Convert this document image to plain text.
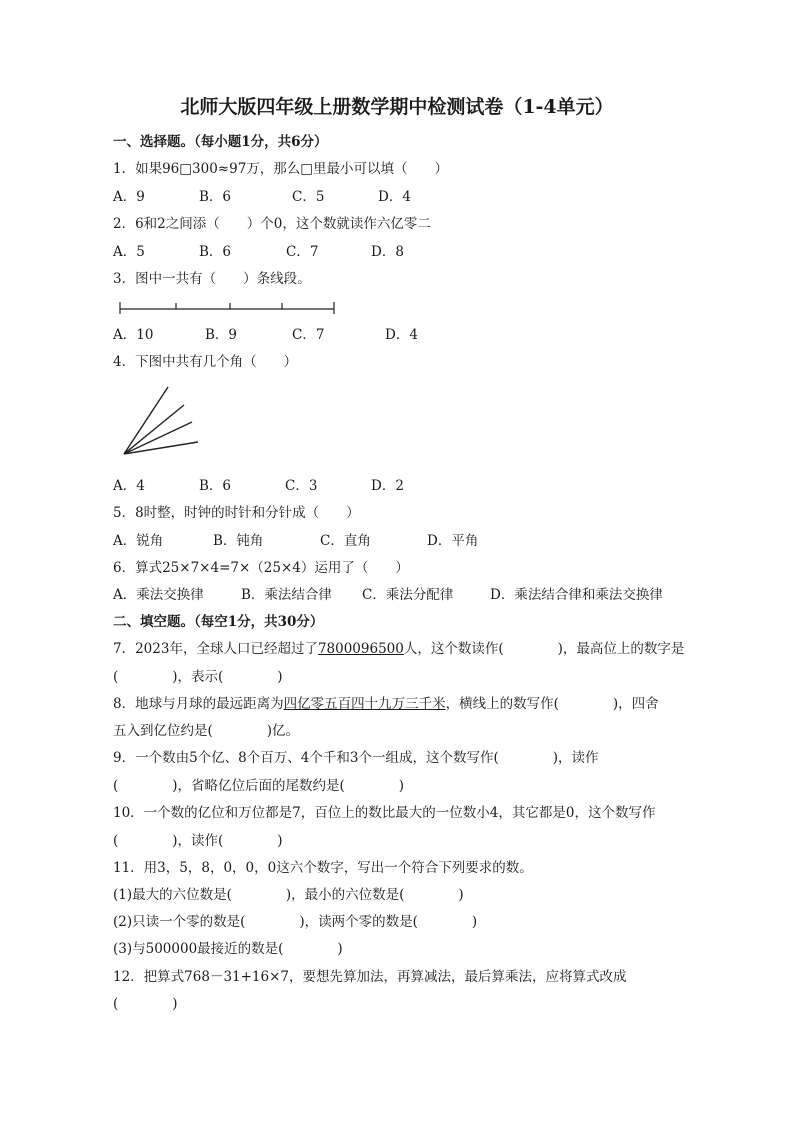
北师大版四年级上册数学期中检测试卷（1-4单元）
一、选择题。（每小题1分，共6分）
1．如果96□300≈97万，那么□里最小可以填（　　）
A．9	B．6	C．5	D．4
2．6和2之间添（　　）个0，这个数就读作六亿零二
A．5	B．6	C．7	D．8
3．图中一共有（　　）条线段。
A．10	B．9	C．7	D．4
4．下图中共有几个角（　　）
A．4	B．6	C．3	D．2
5．8时整，时钟的时针和分针成（　　）
A．锐角	B．钝角	C．直角	D．平角
6．算式25×7×4=7×（25×4）运用了（　　）
A．乘法交换律	B．乘法结合律 C．乘法分配律	D．乘法结合律和乘法交换律
二、填空题。（每空1分，共30分）
7．2023年，全球人口已经超过了7800096500人，这个数读作(　　　　)，最高位上的数字是
(　　　　)，表示(　　　　)
8．地球与月球的最远距离为四亿零五百四十九万三千米，横线上的数写作(　　　　)，四舍
五入到亿位约是(　　　　)亿。
9．一个数由5个亿、8个百万、4个千和3个一组成，这个数写作(　　　　)，读作
(　　　　)，省略亿位后面的尾数约是(　　　　)
10．一个数的亿位和万位都是7，百位上的数比最大的一位数小4，其它都是0，这个数写作
(　　　　)，读作(　　　　)
11．用3，5，8，0，0，0这六个数字，写出一个符合下列要求的数。
(1)最大的六位数是(　　　　)，最小的六位数是(　　　　)
(2)只读一个零的数是(　　　　)，读两个零的数是(　　　　)
(3)与500000最接近的数是(　　　　)
12．把算式768－31+16×7，要想先算加法，再算减法，最后算乘法，应将算式改成
(　　　　)
